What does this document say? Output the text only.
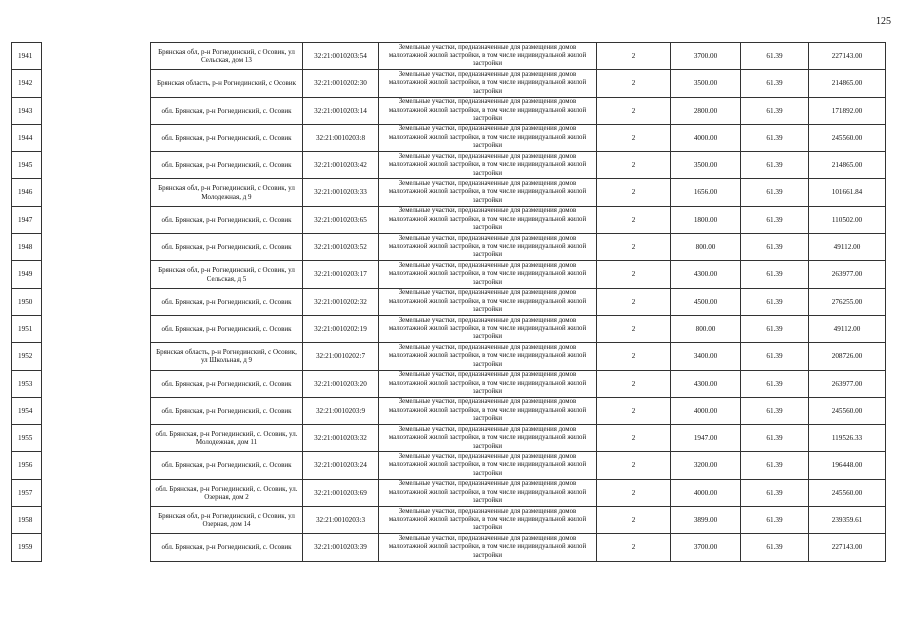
125
1941		Брянская обл, р-н Рогнединский, с Осовик, ул Сельская, дом 13	32:21:0010203:54	Земельные участки, предназначенные для размещения домов малоэтажной жилой застройки, в том числе индивидуальной жилой застройки	2	3700.00	61.39	227143.00
1942		Брянская область, р-н Рогнединский, с Осовик	32:21:0010202:30	Земельные участки, предназначенные для размещения домов малоэтажной жилой застройки, в том числе индивидуальной жилой застройки	2	3500.00	61.39	214865.00
1943		обл. Брянская, р-н Рогнединский, с. Осовик	32:21:0010203:14	Земельные участки, предназначенные для размещения домов малоэтажной жилой застройки, в том числе индивидуальной жилой застройки	2	2800.00	61.39	171892.00
1944		обл. Брянская, р-н Рогнединский, с. Осовик	32:21:0010203:8	Земельные участки, предназначенные для размещения домов малоэтажной жилой застройки, в том числе индивидуальной жилой застройки	2	4000.00	61.39	245560.00
1945		обл. Брянская, р-н Рогнединский, с. Осовик	32:21:0010203:42	Земельные участки, предназначенные для размещения домов малоэтажной жилой застройки, в том числе индивидуальной жилой застройки	2	3500.00	61.39	214865.00
1946		Брянская обл, р-н Рогнединский, с Осовик, ул Молодежная, д 9	32:21:0010203:33	Земельные участки, предназначенные для размещения домов малоэтажной жилой застройки, в том числе индивидуальной жилой застройки	2	1656.00	61.39	101661.84
1947		обл. Брянская, р-н Рогнединский, с. Осовик	32:21:0010203:65	Земельные участки, предназначенные для размещения домов малоэтажной жилой застройки, в том числе индивидуальной жилой застройки	2	1800.00	61.39	110502.00
1948		обл. Брянская, р-н Рогнединский, с. Осовик	32:21:0010203:52	Земельные участки, предназначенные для размещения домов малоэтажной жилой застройки, в том числе индивидуальной жилой застройки	2	800.00	61.39	49112.00
1949		Брянская обл, р-н Рогнединский, с Осовик, ул Сельская, д 5	32:21:0010203:17	Земельные участки, предназначенные для размещения домов малоэтажной жилой застройки, в том числе индивидуальной жилой застройки	2	4300.00	61.39	263977.00
1950		обл. Брянская, р-н Рогнединский, с. Осовик	32:21:0010202:32	Земельные участки, предназначенные для размещения домов малоэтажной жилой застройки, в том числе индивидуальной жилой застройки	2	4500.00	61.39	276255.00
1951		обл. Брянская, р-н Рогнединский, с. Осовик	32:21:0010202:19	Земельные участки, предназначенные для размещения домов малоэтажной жилой застройки, в том числе индивидуальной жилой застройки	2	800.00	61.39	49112.00
1952		Брянская область, р-н Рогнединский, с Осовик, ул Школьная, д 9	32:21:0010202:7	Земельные участки, предназначенные для размещения домов малоэтажной жилой застройки, в том числе индивидуальной жилой застройки	2	3400.00	61.39	208726.00
1953		обл. Брянская, р-н Рогнединский, с. Осовик	32:21:0010203:20	Земельные участки, предназначенные для размещения домов малоэтажной жилой застройки, в том числе индивидуальной жилой застройки	2	4300.00	61.39	263977.00
1954		обл. Брянская, р-н Рогнединский, с. Осовик	32:21:0010203:9	Земельные участки, предназначенные для размещения домов малоэтажной жилой застройки, в том числе индивидуальной жилой застройки	2	4000.00	61.39	245560.00
1955		обл. Брянская, р-н Рогнединский, с. Осовик, ул. Молодежная, дом 11	32:21:0010203:32	Земельные участки, предназначенные для размещения домов малоэтажной жилой застройки, в том числе индивидуальной жилой застройки	2	1947.00	61.39	119526.33
1956		обл. Брянская, р-н Рогнединский, с. Осовик	32:21:0010203:24	Земельные участки, предназначенные для размещения домов малоэтажной жилой застройки, в том числе индивидуальной жилой застройки	2	3200.00	61.39	196448.00
1957		обл. Брянская, р-н Рогнединский, с. Осовик, ул. Озерная, дом 2	32:21:0010203:69	Земельные участки, предназначенные для размещения домов малоэтажной жилой застройки, в том числе индивидуальной жилой застройки	2	4000.00	61.39	245560.00
1958		Брянская обл, р-н Рогнединский, с Осовик, ул Озерная, дом 14	32:21:0010203:3	Земельные участки, предназначенные для размещения домов малоэтажной жилой застройки, в том числе индивидуальной жилой застройки	2	3899.00	61.39	239359.61
1959		обл. Брянская, р-н Рогнединский, с. Осовик	32:21:0010203:39	Земельные участки, предназначенные для размещения домов малоэтажной жилой застройки, в том числе индивидуальной жилой застройки	2	3700.00	61.39	227143.00
